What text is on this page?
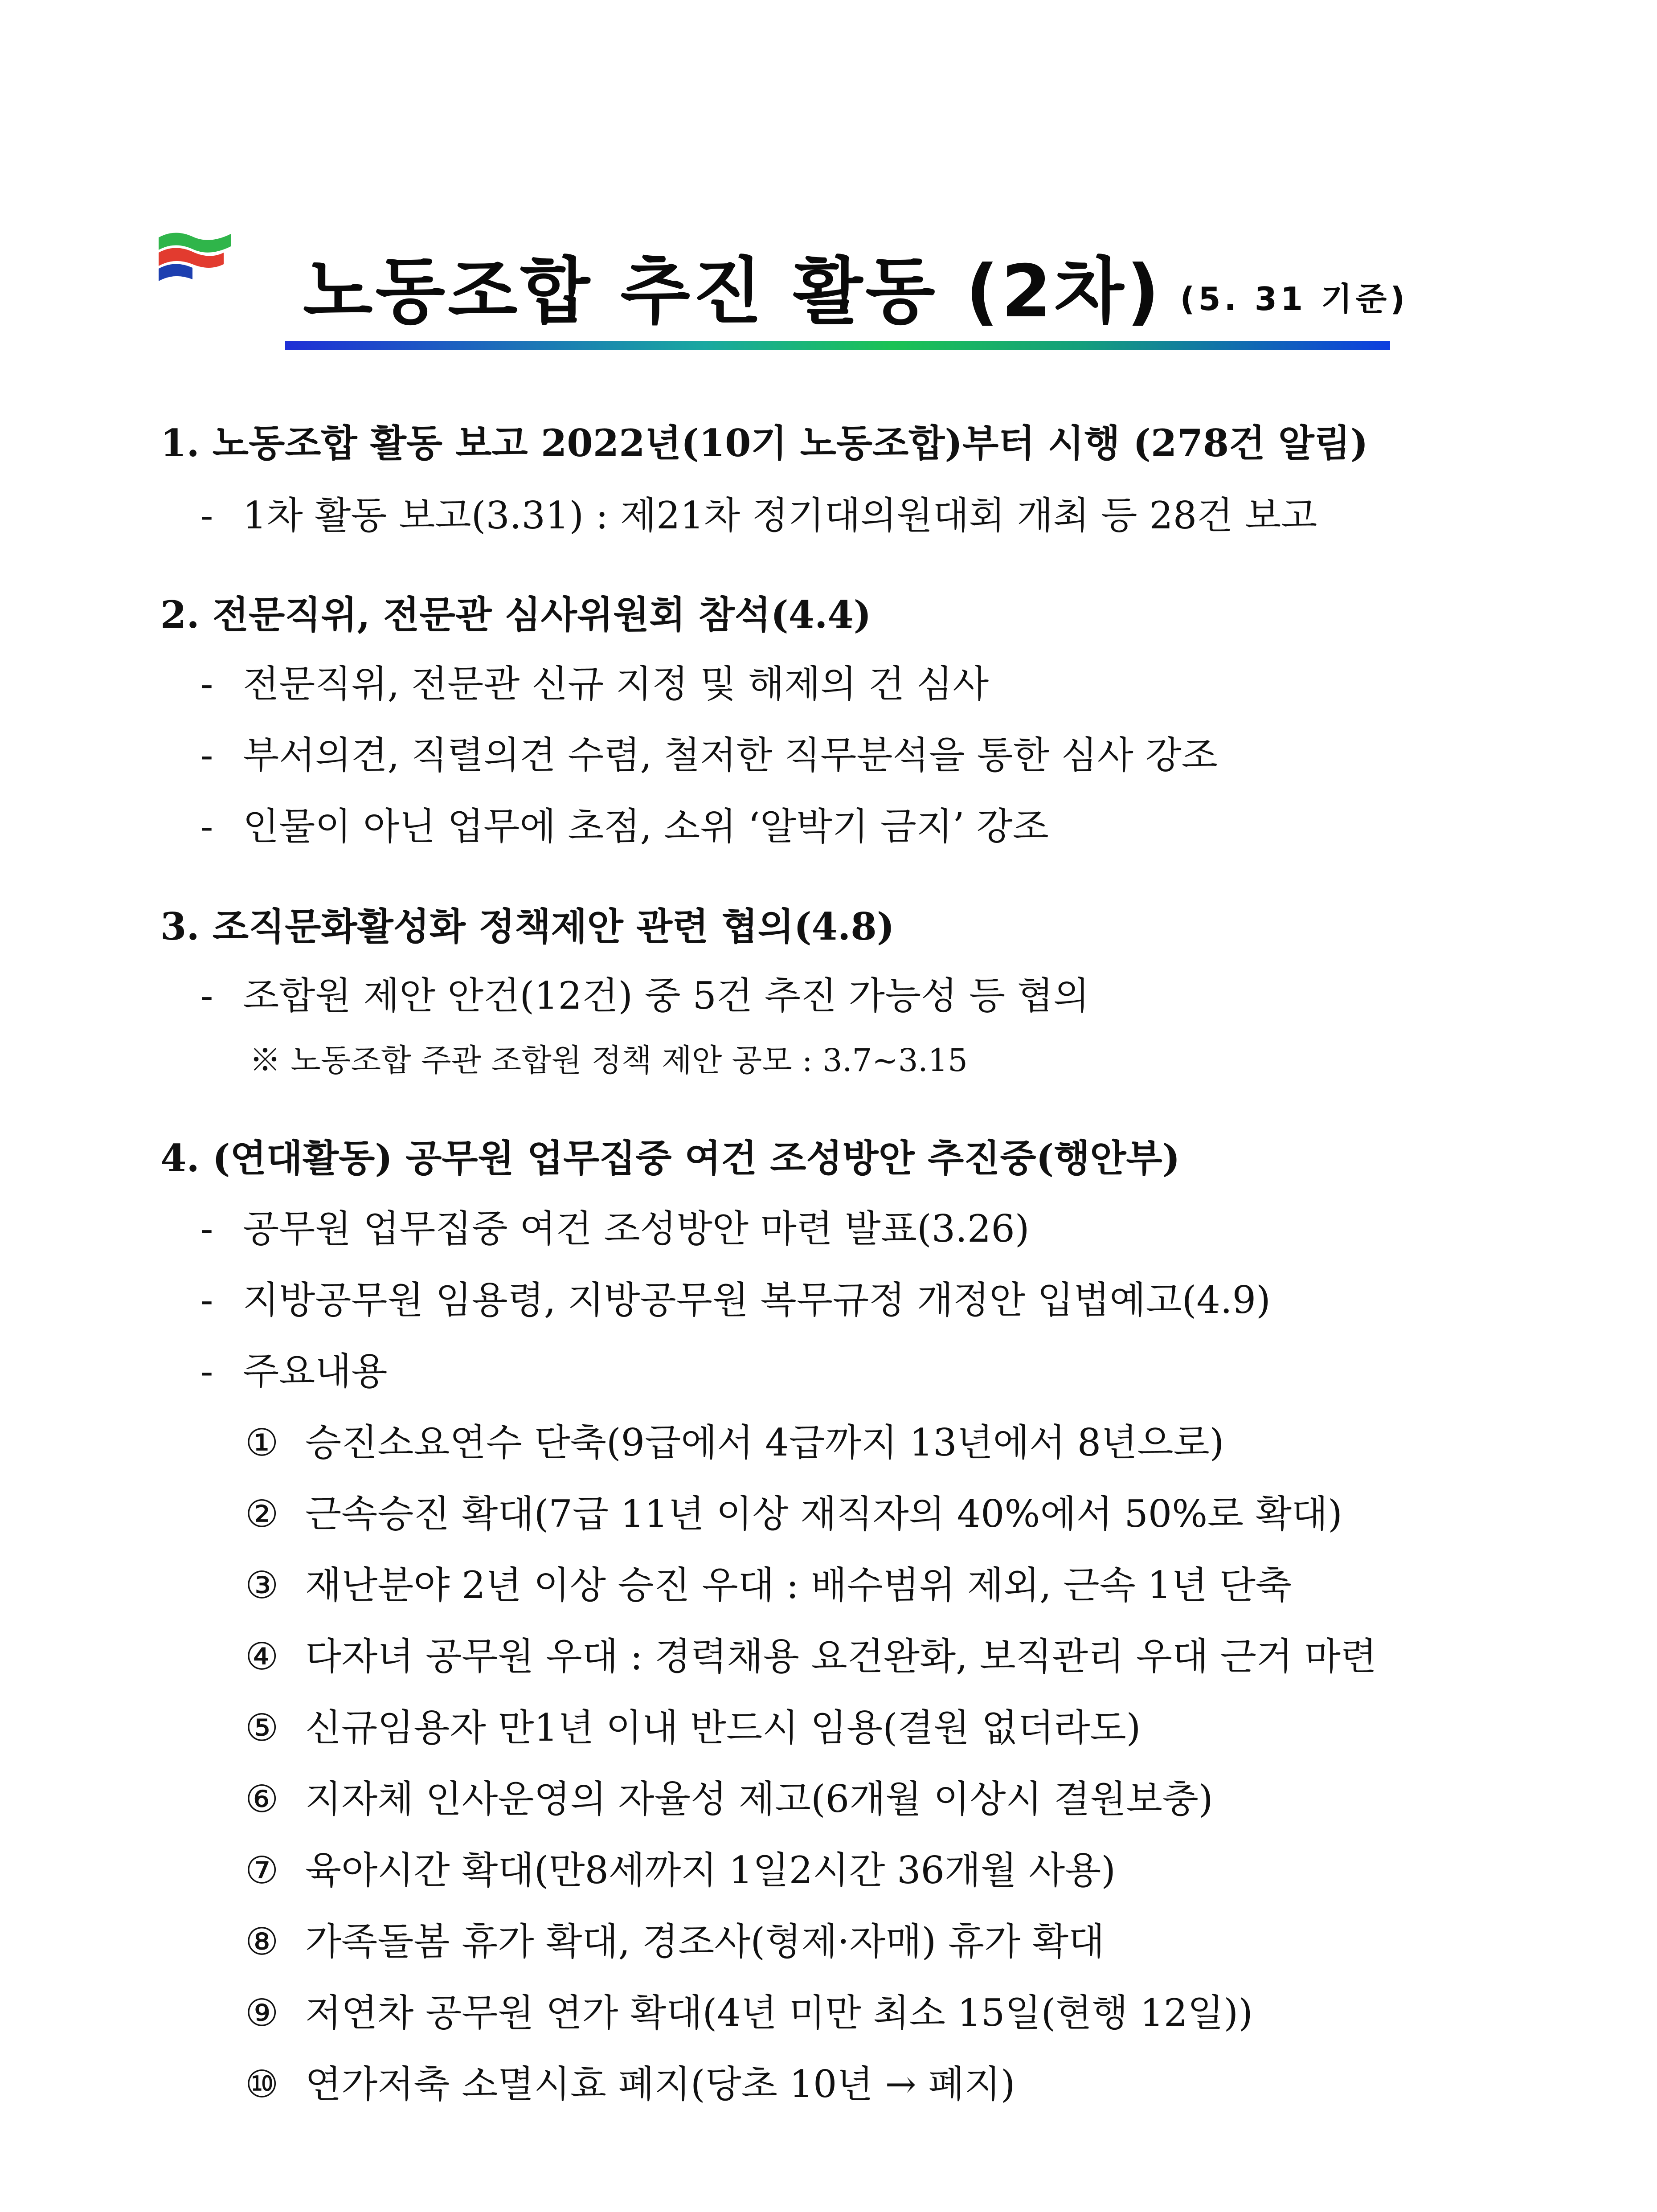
노동조합 추진 활동 (2차) (5. 31 기준)
1. 노동조합 활동 보고 2022년(10기 노동조합)부터 시행 (278건 알림)
- 1차 활동 보고(3.31) : 제21차 정기대의원대회 개최 등 28건 보고
2. 전문직위, 전문관 심사위원회 참석(4.4)
- 전문직위, 전문관 신규 지정 및 해제의 건 심사
- 부서의견, 직렬의견 수렴, 철저한 직무분석을 통한 심사 강조
- 인물이 아닌 업무에 초점, 소위 ‘알박기 금지’ 강조
3. 조직문화활성화 정책제안 관련 협의(4.8)
- 조합원 제안 안건(12건) 중 5건 추진 가능성 등 협의
※ 노동조합 주관 조합원 정책 제안 공모 : 3.7~3.15
4. (연대활동) 공무원 업무집중 여건 조성방안 추진중(행안부)
- 공무원 업무집중 여건 조성방안 마련 발표(3.26)
- 지방공무원 임용령, 지방공무원 복무규정 개정안 입법예고(4.9)
- 주요내용
① 승진소요연수 단축(9급에서 4급까지 13년에서 8년으로)
② 근속승진 확대(7급 11년 이상 재직자의 40%에서 50%로 확대)
③ 재난분야 2년 이상 승진 우대 : 배수범위 제외, 근속 1년 단축
④ 다자녀 공무원 우대 : 경력채용 요건완화, 보직관리 우대 근거 마련
⑤ 신규임용자 만1년 이내 반드시 임용(결원 없더라도)
⑥ 지자체 인사운영의 자율성 제고(6개월 이상시 결원보충)
⑦ 육아시간 확대(만8세까지 1일2시간 36개월 사용)
⑧ 가족돌봄 휴가 확대, 경조사(형제·자매) 휴가 확대
⑨ 저연차 공무원 연가 확대(4년 미만 최소 15일(현행 12일))
⑩ 연가저축 소멸시효 폐지(당초 10년 → 폐지)
